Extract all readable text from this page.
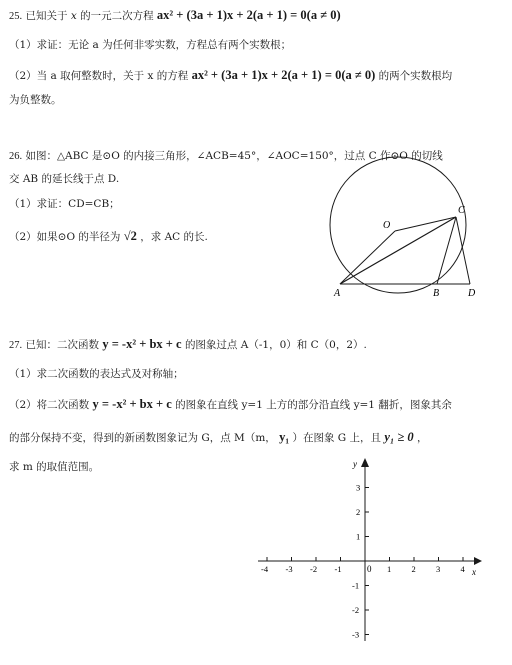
25. 已知关于 x 的一元二次方程 ax² + (3a + 1)x + 2(a + 1) = 0(a ≠ 0)
（1）求证：无论 a 为任何非零实数，方程总有两个实数根；
（2）当 a 取何整数时，关于 x 的方程 ax² + (3a + 1)x + 2(a + 1) = 0(a ≠ 0) 的两个实数根均
为负整数。
26. 如图：△ABC 是⊙O 的内接三角形，∠ACB=45°，∠AOC=150°，过点 C 作⊙O 的切线
交 AB 的延长线于点 D.
（1）求证：CD=CB；
（2）如果⊙O 的半径为 √2 ，求 AC 的长.
O
C
A	B	D
27. 已知：二次函数 y = -x² + bx + c 的图象过点 A（-1，0）和 C（0，2）.
（1）求二次函数的表达式及对称轴；
（2）将二次函数 y = -x² + bx + c 的图象在直线 y=1 上方的部分沿直线 y=1 翻折，图象其余
的部分保持不变，得到的新函数图象记为 G，点 M（m， y₁ ）在图象 G 上，且 y₁ ≥ 0 ，
求 m 的取值范围。
-4 -3 -2 -1	1 2 3 4
3
2
1
-1
-2
-3
x
y
0
